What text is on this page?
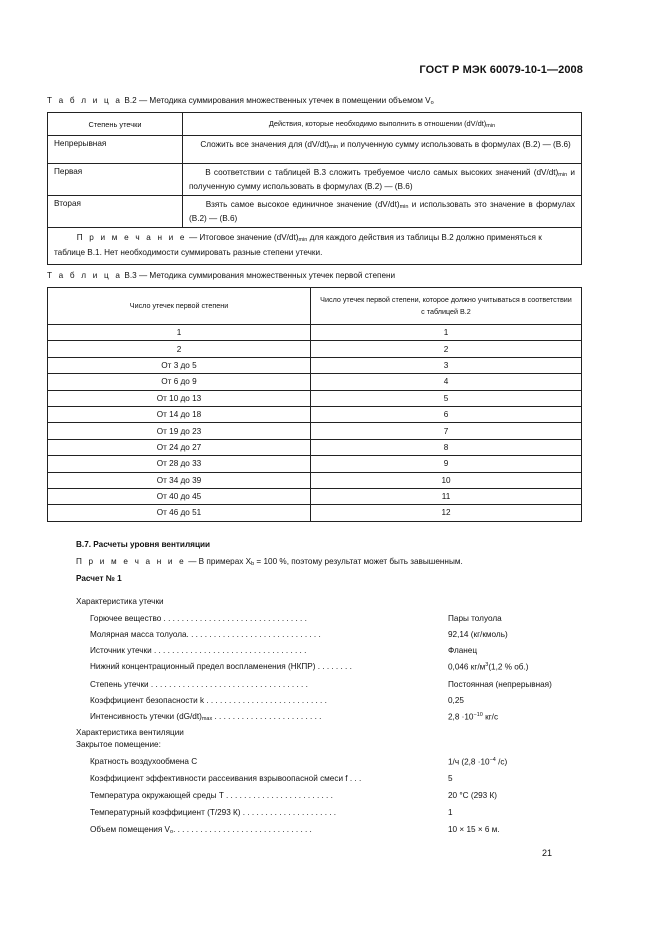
ГОСТ Р МЭК 60079-10-1—2008
Т а б л и ц а В.2 — Методика суммирования множественных утечек в помещении объемом $V_o$
Степень утечки	Действия, которые необходимо выполнить в отношении $(dV/dt)_{min}$
Непрерывная	Сложить все значения для $(dV/dt)_{min}$ и полученную сумму использовать в формулах (В.2) — (В.6)
Первая	В соответствии с таблицей В.3 сложить требуемое число самых высоких значений $(dV/dt)_{min}$ и полученную сумму использовать в формулах (В.2) — (В.6)
Вторая	Взять самое высокое единичное значение $(dV/dt)_{min}$ и использовать это значение в формулах (В.2) — (В.6)
П р и м е ч а н и е — Итоговое значение $(dV/dt)_{min}$ для каждого действия из таблицы В.2 должно применяться к таблице В.1. Нет необходимости суммировать разные степени утечки.	
Т а б л и ц а В.3 — Методика суммирования множественных утечек первой степени
Число утечек первой степени	Число утечек первой степени, которое должно учитываться в соответствии с таблицей В.2
1	1
2	2
От 3 до 5	3
От 6 до 9	4
От 10 до 13	5
От 14 до 18	6
От 19 до 23	7
От 24 до 27	8
От 28 до 33	9
От 34 до 39	10
От 40 до 45	11
От 46 до 51	12
В.7. Расчеты уровня вентиляции
П р и м е ч а н и е — В примерах $X_b = 100$ %, поэтому результат может быть завышенным.
Расчет № 1
Характеристика утечки
Горючее вещество . . . . . . . . . . . . . . . . . . . . . . . . . . . . . . . .	Пары толуола
Молярная масса толуола. . . . . . . . . . . . . . . . . . . . . . . . . . . . . .	92,14 (кг/кмоль)
Источник утечки . . . . . . . . . . . . . . . . . . . . . . . . . . . . . . . . . .	Фланец
Нижний концентрационный предел воспламенения (НКПР) . . . . . . . .	0,046 $кг/м^3(1,2$ % об.)
Степень утечки . . . . . . . . . . . . . . . . . . . . . . . . . . . . . . . . . . .	Постоянная (непрерывная)
Коэффициент безопасности k . . . . . . . . . . . . . . . . . . . . . . . . . . .	0,25
Интенсивность утечки $(dG/dt)_{max}$ . . . . . . . . . . . . . . . . . . . . . . . .	$2,8 \cdot 10^{-10}$ кг/с
Характеристика вентиляции
Закрытое помещение:
Кратность воздухообмена C	1/ч ($2,8 \cdot 10^{-4}$ /с)
Коэффициент эффективности рассеивания взрывоопасной смеси f . . .	5
Температура окружающей среды T . . . . . . . . . . . . . . . . . . . . . . . .	20 °С (293 К)
Температурный коэффициент (T/293 К) . . . . . . . . . . . . . . . . . . . . .	1
Объем помещения $V_o$. . . . . . . . . . . . . . . . . . . . . . . . . . . . . . .	10 × 15 × 6 м.
21
